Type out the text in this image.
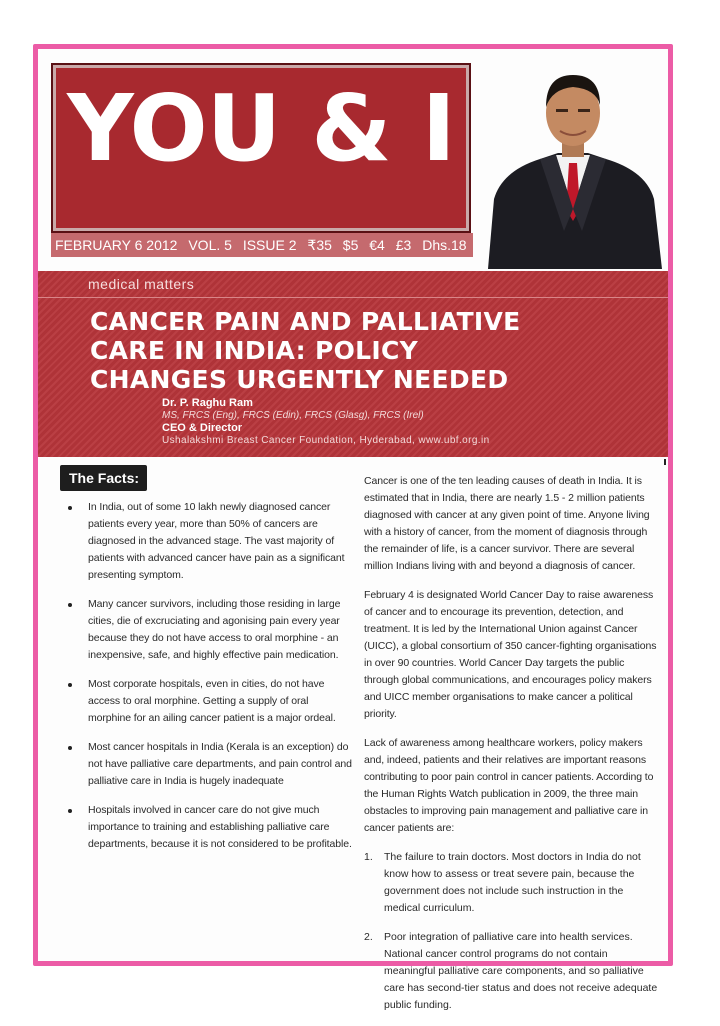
YOU & I
FEBRUARY 6 2012 VOL. 5 ISSUE 2 ₹35 $5 €4 £3 Dhs.18
medical matters
CANCER PAIN AND PALLIATIVE
CARE IN INDIA: POLICY
CHANGES URGENTLY NEEDED
Dr. P. Raghu Ram
MS, FRCS (Eng), FRCS (Edin), FRCS (Glasg), FRCS (Irel)
CEO & Director
Ushalakshmi Breast Cancer Foundation, Hyderabad, www.ubf.org.in
The Facts:
In India, out of some 10 lakh newly diagnosed cancer patients every year, more than 50% of cancers are diagnosed in the advanced stage. The vast majority of patients with advanced cancer have pain as a significant presenting symptom.
Many cancer survivors, including those residing in large cities, die of excruciating and agonising pain every year because they do not have access to oral morphine - an inexpensive, safe, and highly effective pain medication.
Most corporate hospitals, even in cities, do not have access to oral morphine. Getting a supply of oral morphine for an ailing cancer patient is a major ordeal.
Most cancer hospitals in India (Kerala is an exception) do not have palliative care departments, and pain control and palliative care in India is hugely inadequate
Hospitals involved in cancer care do not give much importance to training and establishing palliative care departments, because it is not considered to be profitable.

Cancer is one of the ten leading causes of death in India. It is estimated that in India, there are nearly 1.5 - 2 million patients diagnosed with cancer at any given point of time. Anyone living with a history of cancer, from the moment of diagnosis through the remainder of life, is a cancer survivor. There are several million Indians living with and beyond a diagnosis of cancer.

February 4 is designated World Cancer Day to raise awareness of cancer and to encourage its prevention, detection, and treatment. It is led by the International Union against Cancer (UICC), a global consortium of 350 cancer-fighting organisations in over 90 countries. World Cancer Day targets the public through global communications, and encourages policy makers and UICC member organisations to make cancer a political priority.

Lack of awareness among healthcare workers, policy makers and, indeed, patients and their relatives are important reasons contributing to poor pain control in cancer patients. According to the Human Rights Watch publication in 2009, the three main obstacles to improving pain management and palliative care in cancer patients are:

1. The failure to train doctors. Most doctors in India do not know how to assess or treat severe pain, because the government does not include such instruction in the medical curriculum.
2. Poor integration of palliative care into health services. National cancer control programs do not contain meaningful palliative care components, and so palliative care has second-tier status and does not receive adequate public funding.
